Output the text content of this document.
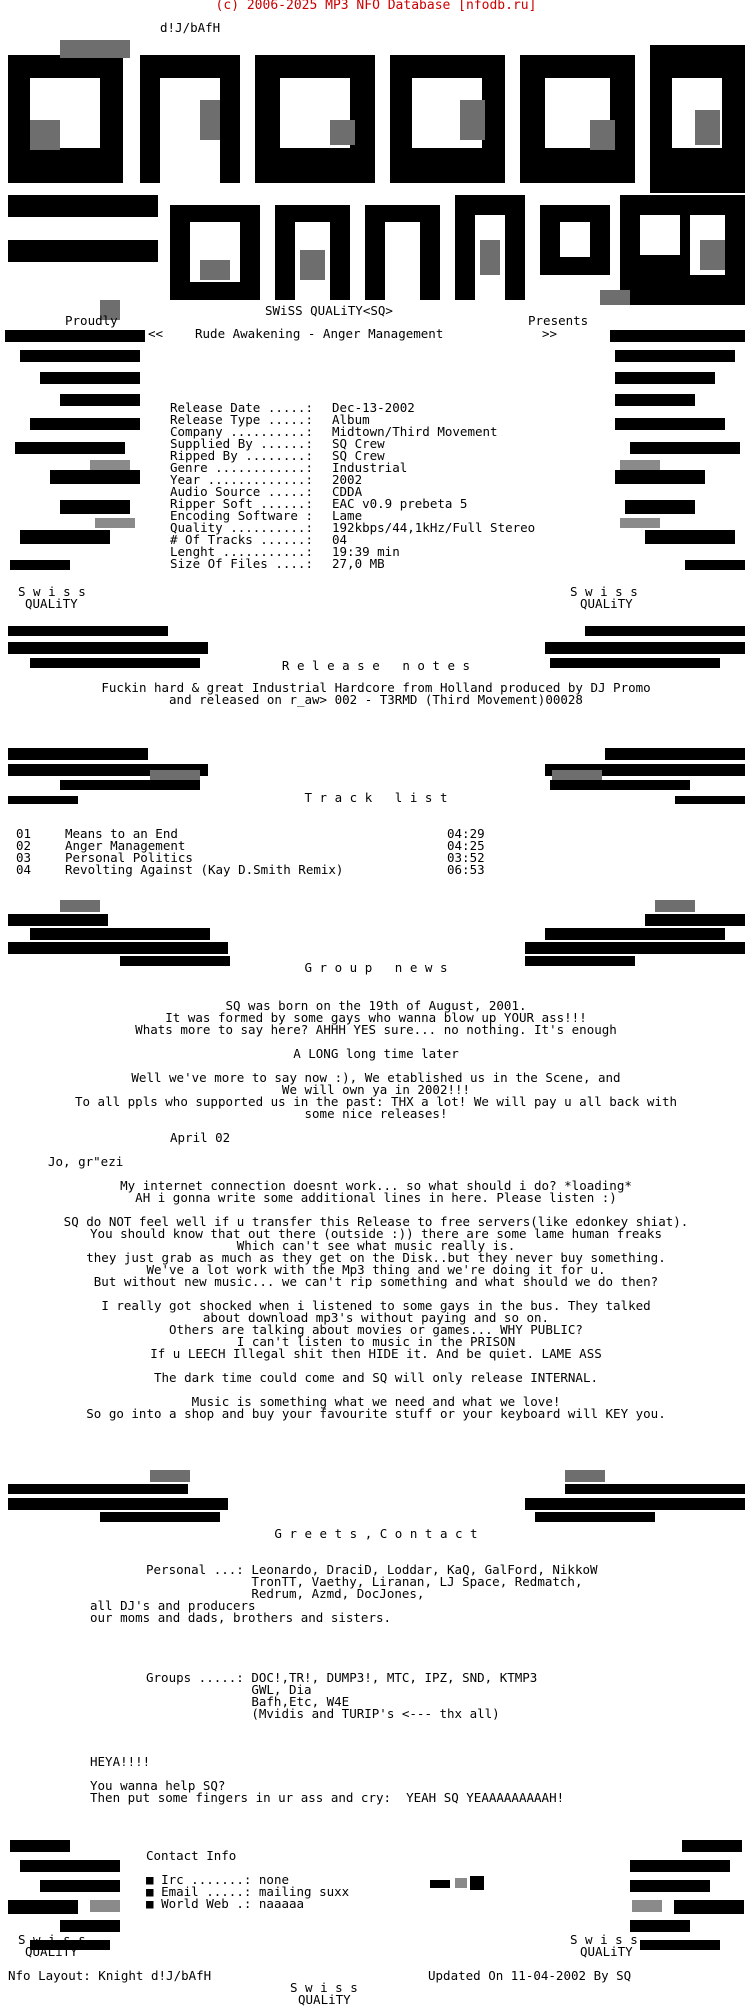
(c) 2006-2025 MP3 NFO Database [nfodb.ru]
d!J/bAfH
Proudly
SWiSS QUALiTY<SQ>
Presents
<<	Rude Awakening - Anger Management	>>
Release Date .....: Dec-13-2002
Release Type .....: Album
Company ..........: Midtown/Third Movement
Supplied By ......: SQ Crew
Ripped By ........: SQ Crew
Genre ............: Industrial
Year .............: 2002
Audio Source .....: CDDA
Ripper Soft ......: EAC v0.9 prebeta 5
Encoding Software : Lame
Quality ..........: 192kbps/44,1kHz/Full Stereo
# Of Tracks ......: 04
Lenght ...........: 19:39 min
Size Of Files ....: 27,0 MB
S w i s s
QUALiTY
S w i s s
QUALiTY
R e l e a s e   n o t e s
Fuckin hard & great Industrial Hardcore from Holland produced by DJ Promo
and released on r_aw> 002 - T3RMD (Third Movement)00028
T r a c k   l i s t
01	Means to an End	04:29
02	Anger Management	04:25
03	Personal Politics	03:52
04	Revolting Against (Kay D.Smith Remix)	06:53
G r o u p   n e w s
SQ was born on the 19th of August, 2001.
It was formed by some gays who wanna blow up YOUR ass!!!
Whats more to say here? AHHH YES sure... no nothing. It's enough
A LONG long time later
Well we've more to say now :), We etablished us in the Scene, and
We will own ya in 2002!!!
To all ppls who supported us in the past: THX a lot! We will pay u all back with
some nice releases!
April 02
Jo, gr"ezi
My internet connection doesnt work... so what should i do? *loading*
AH i gonna write some additional lines in here. Please listen :)
SQ do NOT feel well if u transfer this Release to free servers(like edonkey shiat).
You should know that out there (outside :)) there are some lame human freaks
Which can't see what music really is.
they just grab as much as they get on the Disk..but they never buy something.
We've a lot work with the Mp3 thing and we're doing it for u.
But without new music... we can't rip something and what should we do then?
I really got shocked when i listened to some gays in the bus. They talked
about download mp3's without paying and so on.
Others are talking about movies or games... WHY PUBLIC?
I can't listen to music in the PRISON
If u LEECH Illegal shit then HIDE it. And be quiet. LAME ASS
The dark time could come and SQ will only release INTERNAL.
Music is something what we need and what we love!
So go into a shop and buy your favourite stuff or your keyboard will KEY you.
G r e e t s , C o n t a c t
Personal ...: Leonardo, DraciD, Loddar, KaQ, GalFord, NikkoW
TronTT, Vaethy, Liranan, LJ Space, Redmatch,
Redrum, Azmd, DocJones,
all DJ's and producers
our moms and dads, brothers and sisters.
Groups .....: DOC!,TR!, DUMP3!, MTC, IPZ, SND, KTMP3
GWL, Dia
Bafh,Etc, W4E
(Mvidis and TURIP's <--- thx all)
HEYA!!!!
You wanna help SQ?
Then put some fingers in ur ass and cry:  YEAH SQ YEAAAAAAAAAH!
Contact Info
■ Irc .......: none
■ Email .....: mailing suxx
■ World Web .: naaaaa
S w i s s
QUALiTY
S w i s s
QUALiTY
Nfo Layout: Knight d!J/bAfH	Updated On 11-04-2002 By SQ
S w i s s
QUALiTY
